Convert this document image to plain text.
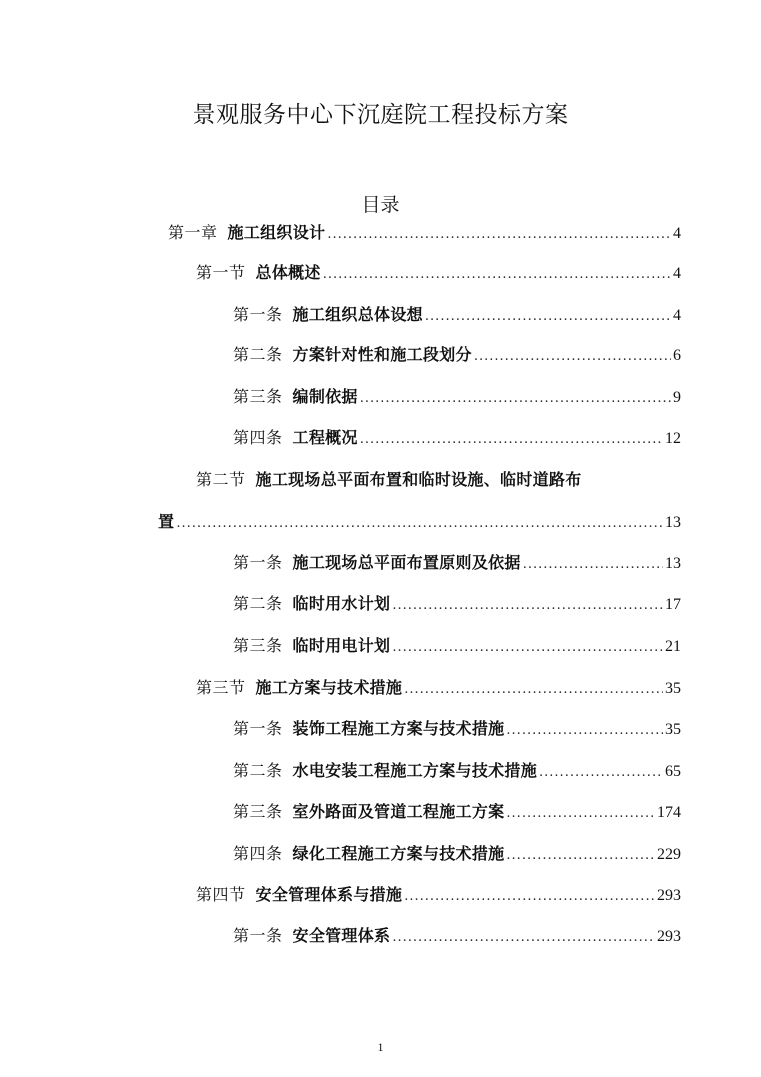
景观服务中心下沉庭院工程投标方案
目录
第一章 施工组织设计 .....	4
第一节 总体概述 .....	4
第一条 施工组织总体设想 .....	4
第二条 方案针对性和施工段划分 .....	6
第三条 编制依据 .....	9
第四条 工程概况 .....	12
第二节 施工现场总平面布置和临时设施、临时道路布
置 .....	13
第一条 施工现场总平面布置原则及依据 .....	13
第二条 临时用水计划 .....	17
第三条 临时用电计划 .....	21
第三节 施工方案与技术措施 .....	35
第一条 装饰工程施工方案与技术措施 .....	35
第二条 水电安装工程施工方案与技术措施 .....	65
第三条 室外路面及管道工程施工方案 .....	174
第四条 绿化工程施工方案与技术措施 .....	229
第四节 安全管理体系与措施 .....	293
第一条 安全管理体系 .....	293
1
